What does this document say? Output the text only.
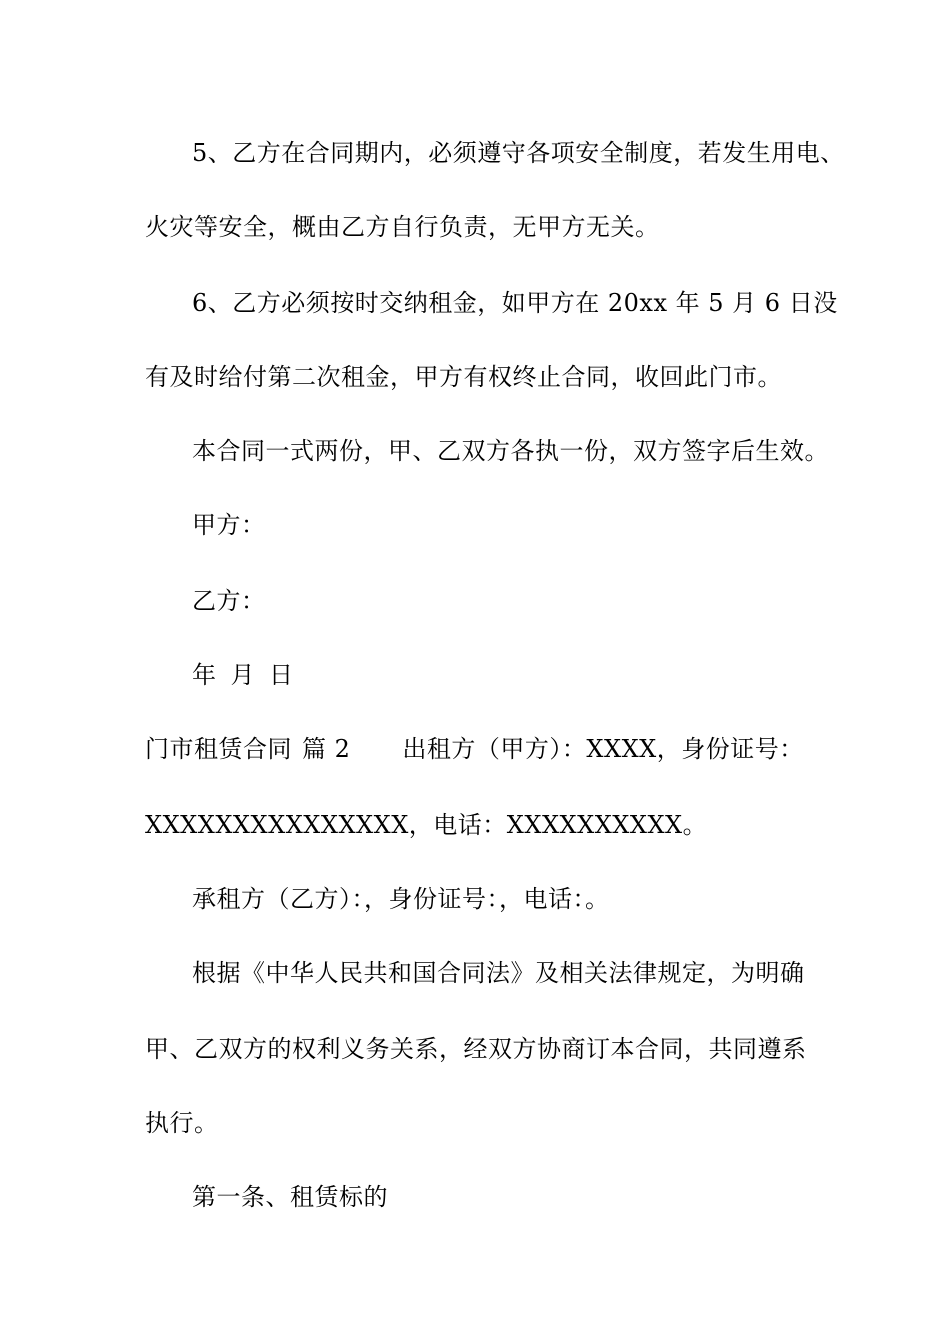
5、乙方在合同期内，必须遵守各项安全制度，若发生用电、
火灾等安全，概由乙方自行负责，无甲方无关。
6、乙方必须按时交纳租金，如甲方在 20xx 年 5 月 6 日没
有及时给付第二次租金，甲方有权终止合同，收回此门市。
本合同一式两份，甲、乙双方各执一份，双方签字后生效。
甲方：
乙方：
年 月 日
门市租赁合同 篇 2 出租方（甲方）：XXXX，身份证号：
XXXXXXXXXXXXXXX，电话：XXXXXXXXXX。
承租方（乙方）：，身份证号：，电话：。
根据《中华人民共和国合同法》及相关法律规定，为明确
甲、乙双方的权利义务关系，经双方协商订本合同，共同遵系
执行。
第一条、租赁标的
